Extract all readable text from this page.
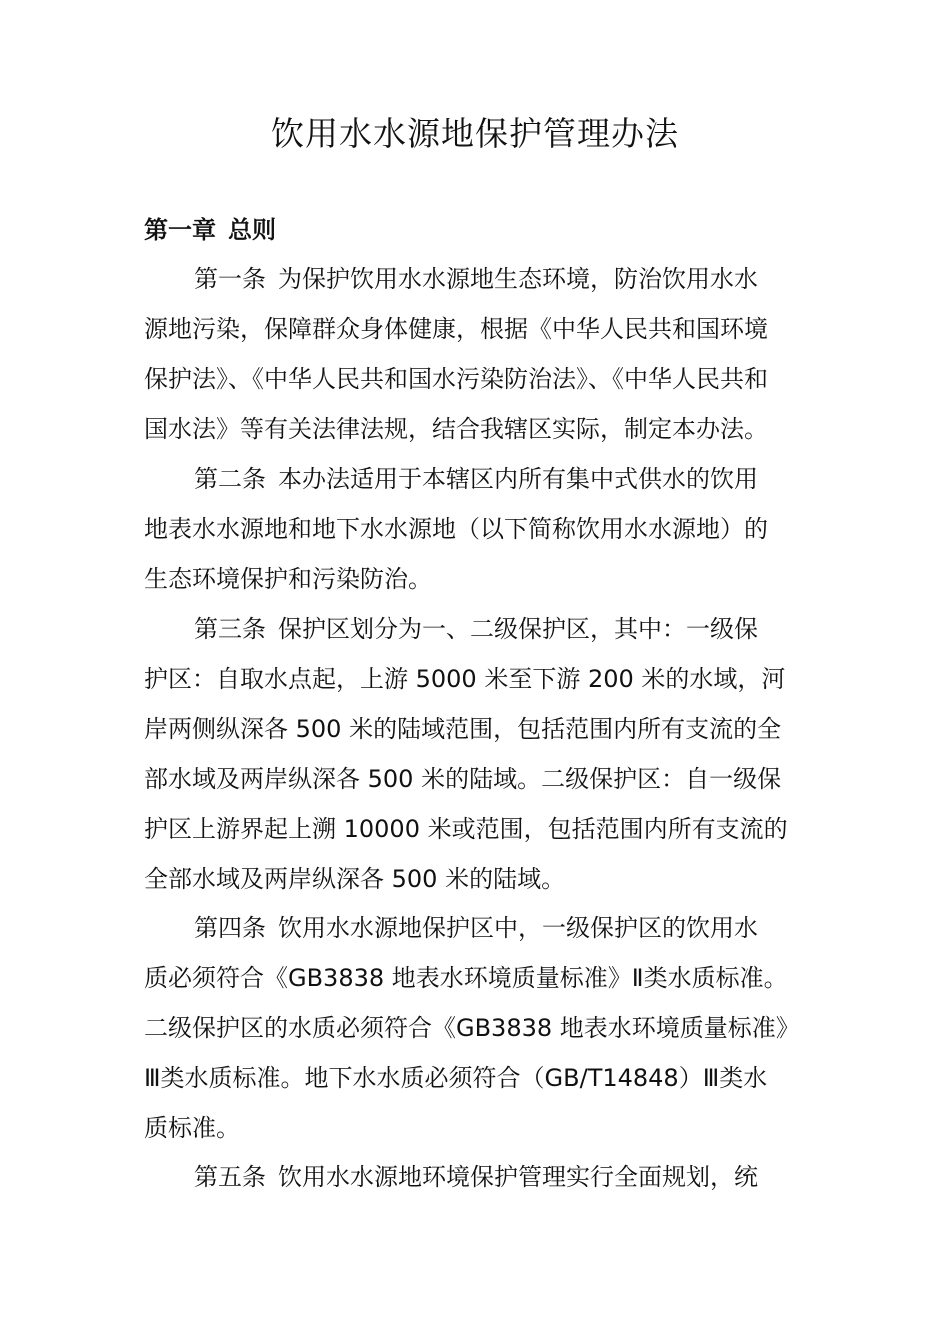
饮用水水源地保护管理办法
第一章 总则

第一条 为保护饮用水水源地生态环境，防治饮用水水

源地污染，保障群众身体健康，根据《中华人民共和国环境

保护法》、《中华人民共和国水污染防治法》、《中华人民共和

国水法》等有关法律法规，结合我辖区实际，制定本办法。

第二条 本办法适用于本辖区内所有集中式供水的饮用

地表水水源地和地下水水源地（以下简称饮用水水源地）的

生态环境保护和污染防治。

第三条 保护区划分为一、二级保护区，其中：一级保

护区：自取水点起，上游 5000 米至下游 200 米的水域，河

岸两侧纵深各 500 米的陆域范围，包括范围内所有支流的全

部水域及两岸纵深各 500 米的陆域。二级保护区：自一级保

护区上游界起上溯 10000 米或范围，包括范围内所有支流的

全部水域及两岸纵深各 500 米的陆域。

第四条 饮用水水源地保护区中，一级保护区的饮用水

质必须符合《GB3838 地表水环境质量标准》Ⅱ类水质标准。

二级保护区的水质必须符合《GB3838 地表水环境质量标准》

Ⅲ类水质标准。地下水水质必须符合（GB/T14848）Ⅲ类水

质标准。

第五条 饮用水水源地环境保护管理实行全面规划，统
